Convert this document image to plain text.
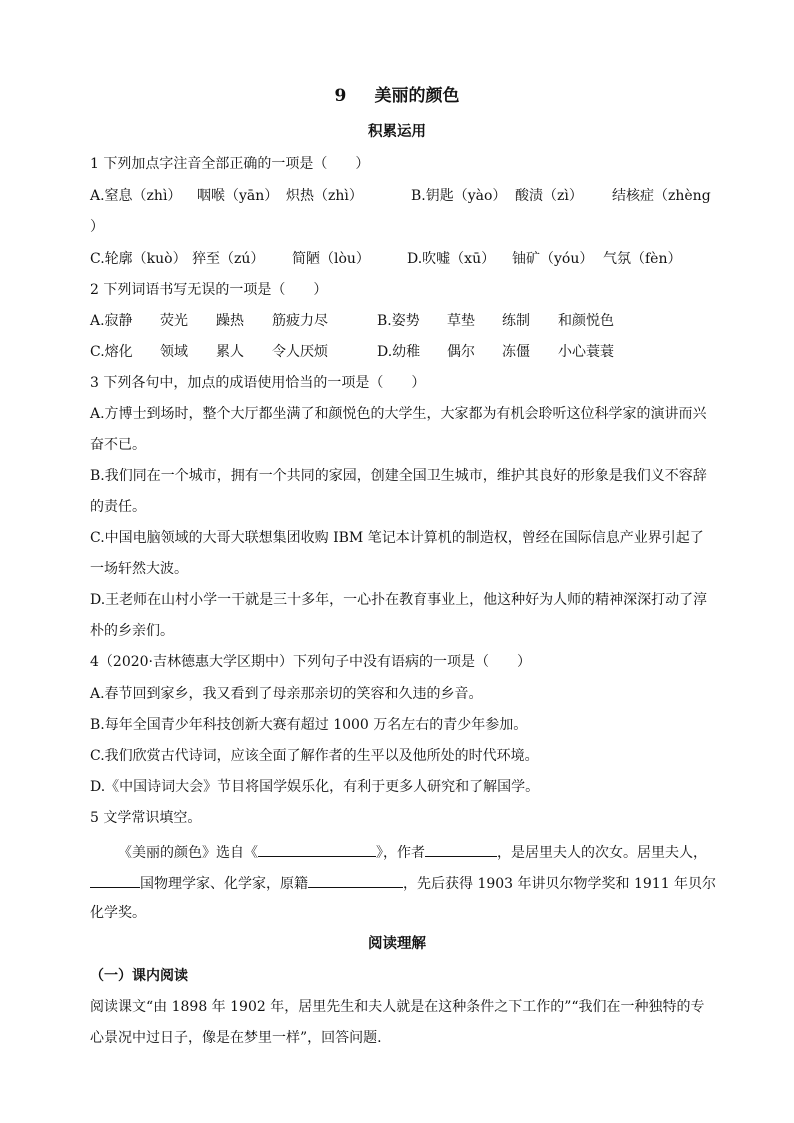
9 美丽的颜色
积累运用
1 下列加点字注音全部正确的一项是（　　）
A.窒息（zhì） 咽喉（yān） 炽热（zhì）	B.钥匙（yào） 酸渍（zì） 结核症（zhèng
）
C.轮廓（kuò） 猝至（zú） 简陋（lòu）	D.吹嘘（xū） 铀矿（yóu） 气氛（fèn）
2 下列词语书写无误的一项是（　　）
A.寂静 荧光 躁热 筋疲力尽	B.姿势 草垫 练制 和颜悦色
C.熔化 领域 累人 令人厌烦	D.幼稚 偶尔 冻僵 小心蓑蓑
3 下列各句中，加点的成语使用恰当的一项是（　　）
A.方博士到场时，整个大厅都坐满了和颜悦色的大学生，大家都为有机会聆听这位科学家的演讲而兴
奋不已。
B.我们同在一个城市，拥有一个共同的家园，创建全国卫生城市，维护其良好的形象是我们义不容辞
的责任。
C.中国电脑领域的大哥大联想集团收购 IBM 笔记本计算机的制造权，曾经在国际信息产业界引起了
一场轩然大波。
D.王老师在山村小学一干就是三十多年，一心扑在教育事业上，他这种好为人师的精神深深打动了淳
朴的乡亲们。
4（2020·吉林德惠大学区期中）下列句子中没有语病的一项是（　　）
A.春节回到家乡，我又看到了母亲那亲切的笑容和久违的乡音。
B.每年全国青少年科技创新大赛有超过 1000 万名左右的青少年参加。
C.我们欣赏古代诗词，应该全面了解作者的生平以及他所处的时代环境。
D.《中国诗词大会》节目将国学娱乐化，有利于更多人研究和了解国学。
5 文学常识填空。
《美丽的颜色》选自《	》，作者	，是居里夫人的次女。居里夫人，
国物理学家、化学家，原籍	，先后获得 1903 年讲贝尔物学奖和 1911 年贝尔
化学奖。
阅读理解
（一）课内阅读
阅读课文“由 1898 年 1902 年，居里先生和夫人就是在这种条件之下工作的”“我们在一种独特的专
心景况中过日子，像是在梦里一样”，回答问题.
